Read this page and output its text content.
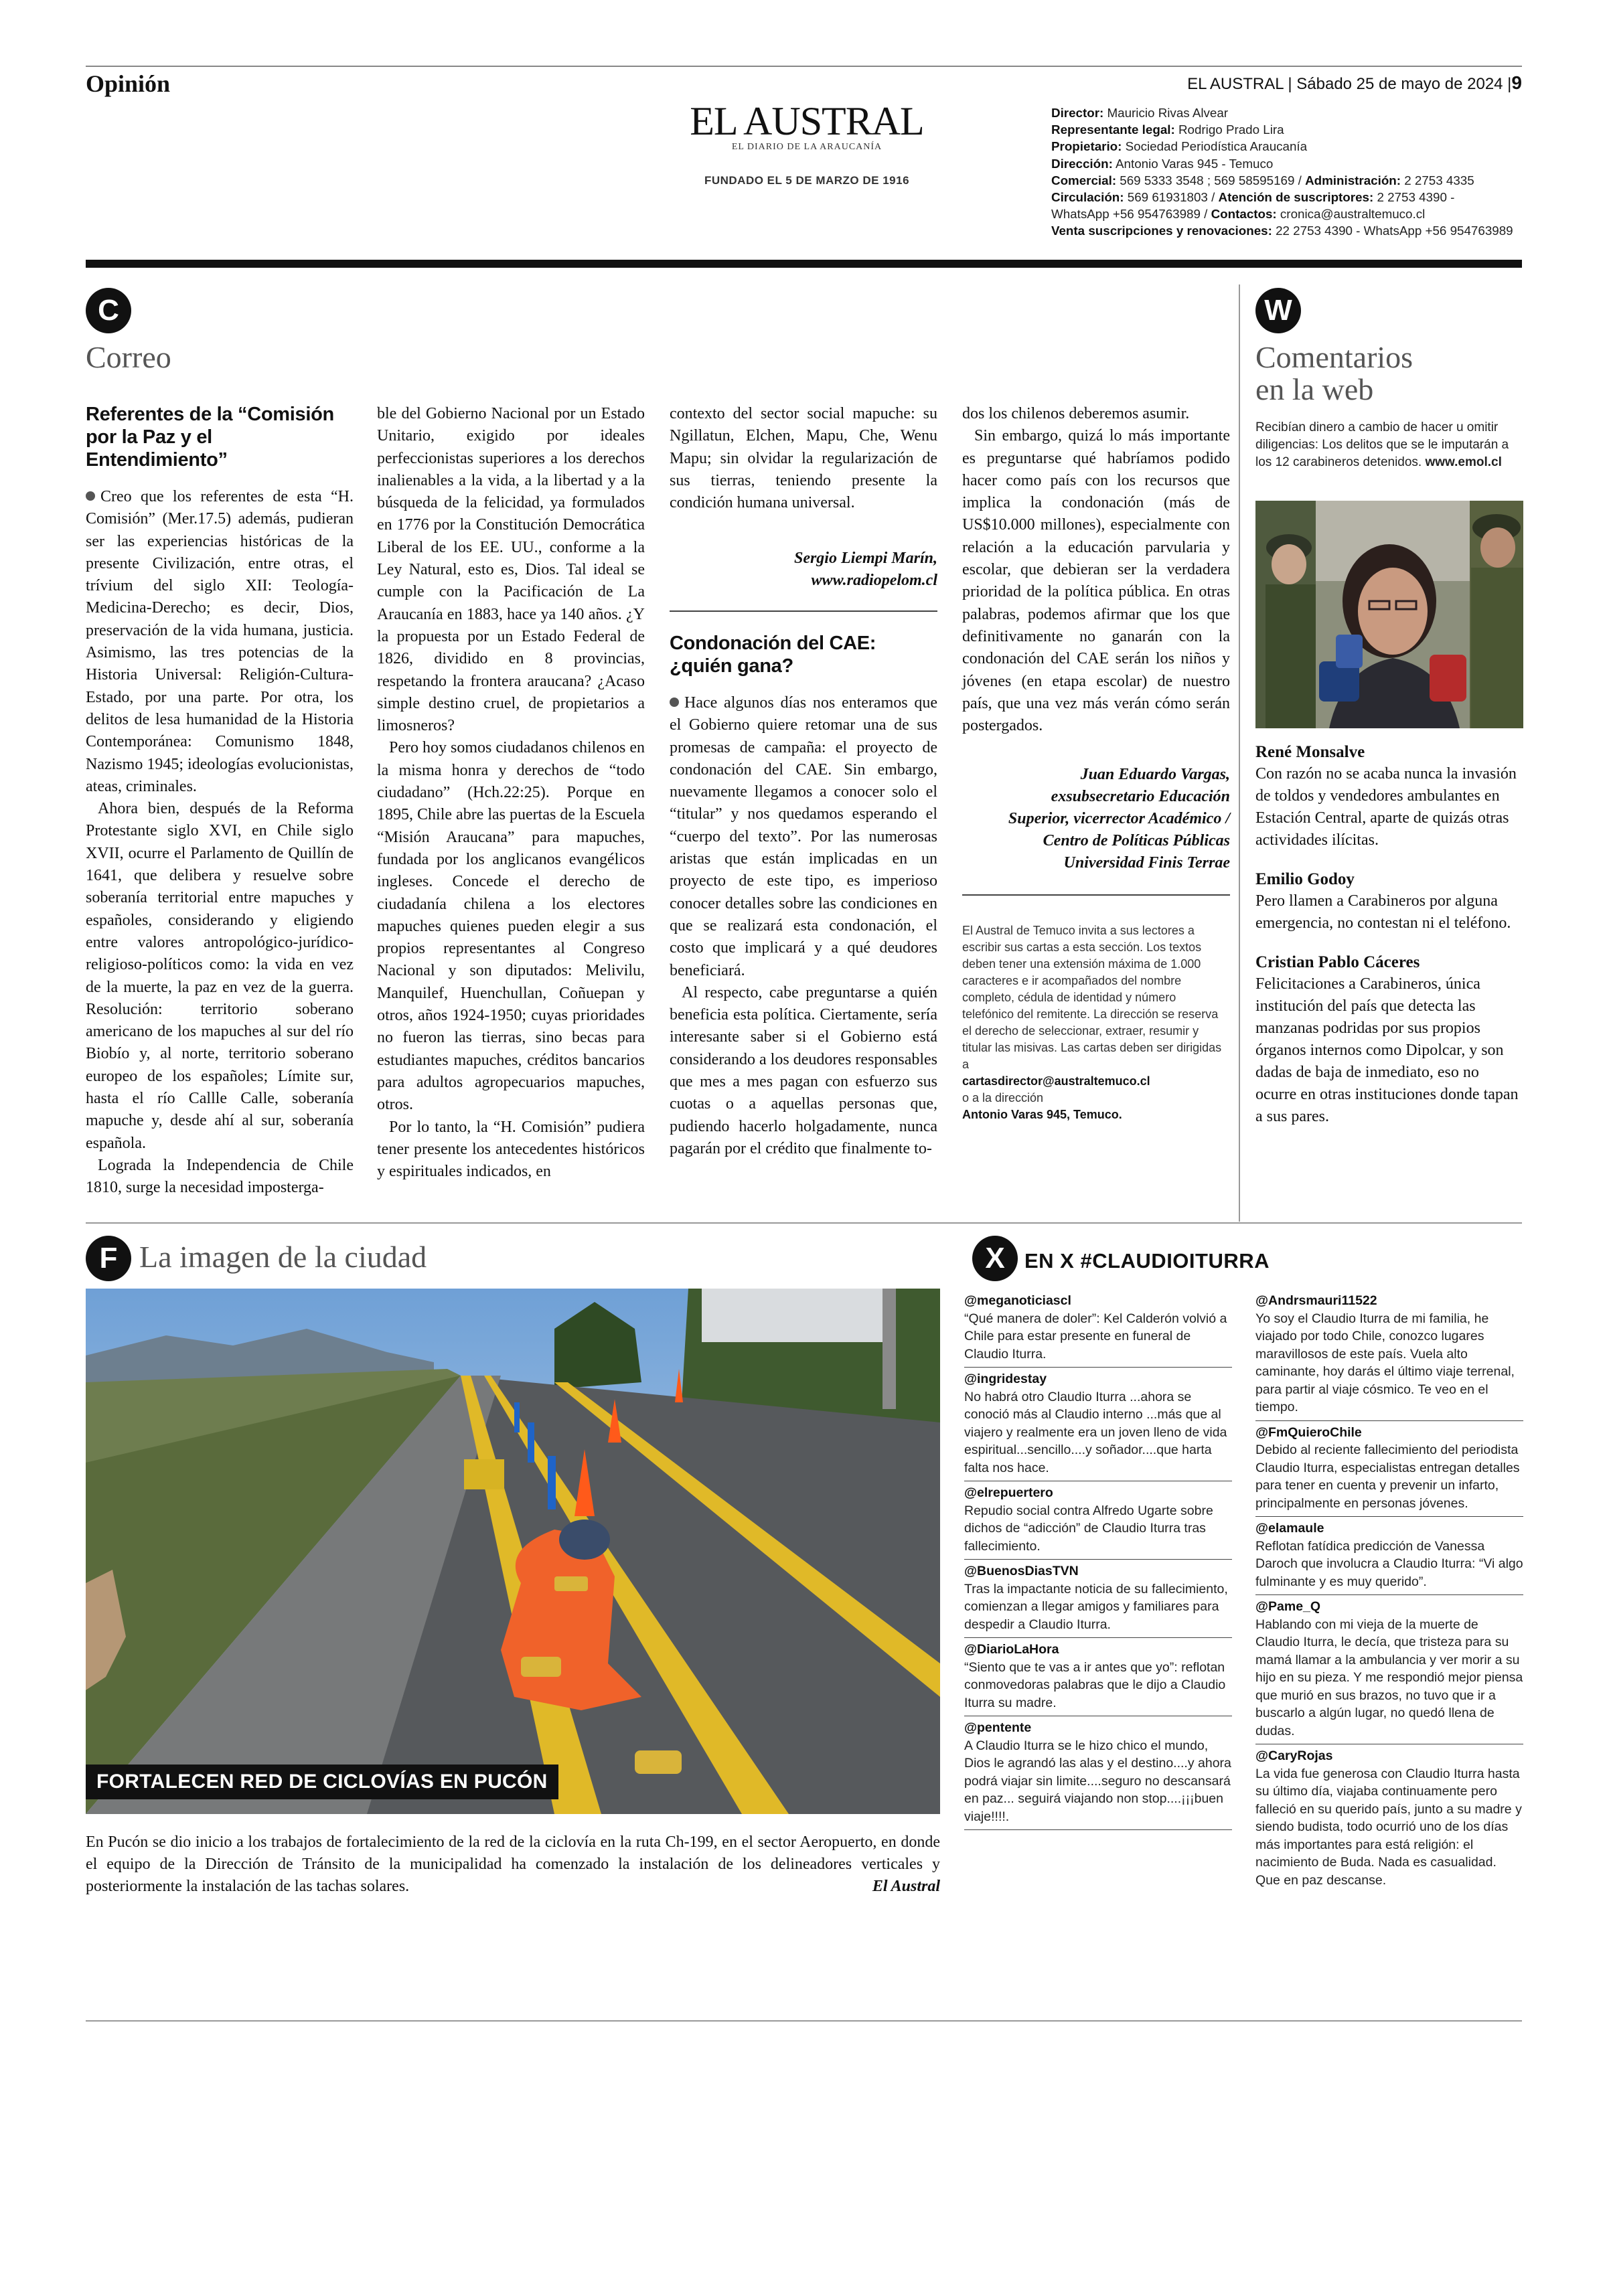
Opinión	EL AUSTRAL | Sábado 25 de mayo de 2024 |9
EL AUSTRAL
EL DIARIO DE LA ARAUCANÍA
FUNDADO EL 5 DE MARZO DE 1916
Director: Mauricio Rivas Alvear
Representante legal: Rodrigo Prado Lira
Propietario: Sociedad Periodística Araucanía
Dirección: Antonio Varas 945 - Temuco
Comercial: 569 5333 3548 ; 569 58595169 / Administración: 2 2753 4335
Circulación: 569 61931803 / Atención de suscriptores: 2 2753 4390 -
WhatsApp +56 954763989 / Contactos: cronica@australtemuco.cl
Venta suscripciones y renovaciones: 22 2753 4390 - WhatsApp +56 954763989
C
Correo
Referentes de la “Comisión por la Paz y el Entendimiento”

Creo que los referentes de esta “H. Comisión” (Mer.17.5) además, pudieran ser las experiencias históricas de la presente Civilización, entre otras, el trívium del siglo XII: Teología-Medicina-Derecho; es decir, Dios, preservación de la vida humana, justicia. Asimismo, las tres potencias de la Historia Universal: Religión-Cultura-Estado, por una parte. Por otra, los delitos de lesa humanidad de la Historia Contemporánea: Comunismo 1848, Nazismo 1945; ideologías evolucionistas, ateas, criminales.

Ahora bien, después de la Reforma Protestante siglo XVI, en Chile siglo XVII, ocurre el Parlamento de Quillín de 1641, que delibera y resuelve sobre soberanía territorial entre mapuches y españoles, considerando y eligiendo entre valores antropológico-jurídico-religioso-políticos como: la vida en vez de la muerte, la paz en vez de la guerra. Resolución: territorio soberano americano de los mapuches al sur del río Biobío y, al norte, territorio soberano europeo de los españoles; Límite sur, hasta el río Callle Calle, soberanía mapuche y, desde ahí al sur, soberanía española.

Lograda la Independencia de Chile 1810, surge la necesidad imposterga-

ble del Gobierno Nacional por un Estado Unitario, exigido por ideales perfeccionistas superiores a los derechos inalienables a la vida, a la libertad y a la búsqueda de la felicidad, ya formulados en 1776 por la Constitución Democrática Liberal de los EE. UU., conforme a la Ley Natural, esto es, Dios. Tal ideal se cumple con la Pacificación de La Araucanía en 1883, hace ya 140 años. ¿Y la propuesta por un Estado Federal de 1826, dividido en 8 provincias, respetando la frontera araucana? ¿Acaso simple destino cruel, de propietarios a limosneros?

Pero hoy somos ciudadanos chilenos en la misma honra y derechos de “todo ciudadano” (Hch.22:25). Porque en 1895, Chile abre las puertas de la Escuela “Misión Araucana” para mapuches, fundada por los anglicanos evangélicos ingleses. Concede el derecho de ciudadanía chilena a los electores mapuches quienes pueden elegir a sus propios representantes al Congreso Nacional y son diputados: Melivilu, Manquilef, Huenchullan, Coñuepan y otros, años 1924-1950; cuyas prioridades no fueron las tierras, sino becas para estudiantes mapuches, créditos bancarios para adultos agropecuarios mapuches, otros.

Por lo tanto, la “H. Comisión” pudiera tener presente los antecedentes históricos y espirituales indicados, en

contexto del sector social mapuche: su Ngillatun, Elchen, Mapu, Che, Wenu Mapu; sin olvidar la regularización de sus tierras, teniendo presente la condición humana universal.

Sergio Liempi Marín,
www.radiopelom.cl
Condonación del CAE: ¿quién gana?

Hace algunos días nos enteramos que el Gobierno quiere retomar una de sus promesas de campaña: el proyecto de condonación del CAE. Sin embargo, nuevamente llegamos a conocer solo el “titular” y nos quedamos esperando el “cuerpo del texto”. Por las numerosas aristas que están implicadas en un proyecto de este tipo, es imperioso conocer detalles sobre las condiciones en que se realizará esta condonación, el costo que implicará y a qué deudores beneficiará.

Al respecto, cabe preguntarse a quién beneficia esta política. Ciertamente, sería interesante saber si el Gobierno está considerando a los deudores responsables que mes a mes pagan con esfuerzo sus cuotas o a aquellas personas que, pudiendo hacerlo holgadamente, nunca pagarán por el crédito que finalmente to-

dos los chilenos deberemos asumir.

Sin embargo, quizá lo más importante es preguntarse qué habríamos podido hacer como país con los recursos que implica la condonación (más de US$10.000 millones), especialmente con relación a la educación parvularia y escolar, que debieran ser la verdadera prioridad de la política pública. En otras palabras, podemos afirmar que los que definitivamente no ganarán con la condonación del CAE serán los niños y jóvenes (en etapa escolar) de nuestro país, que una vez más verán cómo serán postergados.

Juan Eduardo Vargas,
exsubsecretario Educación
Superior, vicerrector Académico /
Centro de Políticas Públicas
Universidad Finis Terrae
El Austral de Temuco invita a sus lectores a escribir sus cartas a esta sección. Los textos deben tener una extensión máxima de 1.000 caracteres e ir acompañados del nombre completo, cédula de identidad y número telefónico del remitente. La dirección se reserva el derecho de seleccionar, extraer, resumir y titular las misivas. Las cartas deben ser dirigidas a
cartasdirector@australtemuco.cl
o a la dirección
Antonio Varas 945, Temuco.
W
Comentarios
en la web
Recibían dinero a cambio de hacer u omitir diligencias: Los delitos que se le imputarán a los 12 carabineros detenidos. www.emol.cl
René Monsalve
Con razón no se acaba nunca la invasión de toldos y vendedores ambulantes en Estación Central, aparte de quizás otras actividades ilícitas.
Emilio Godoy
Pero llamen a Carabineros por alguna emergencia, no contestan ni el teléfono.
Cristian Pablo Cáceres
Felicitaciones a Carabineros, única institución del país que detecta las manzanas podridas por sus propios órganos internos como Dipolcar, y son dadas de baja de inmediato, eso no ocurre en otras instituciones donde tapan a sus pares.
F La imagen de la ciudad
FORTALECEN RED DE CICLOVÍAS EN PUCÓN
En Pucón se dio inicio a los trabajos de fortalecimiento de la red de la ciclovía en la ruta Ch-199, en el sector Aeropuerto, en donde el equipo de la Dirección de Tránsito de la municipalidad ha comenzado la instalación de los delineadores verticales y posteriormente la instalación de las tachas solares.	El Austral
X EN X #CLAUDIOITURRA
@meganoticiascl
“Qué manera de doler”: Kel Calderón volvió a Chile para estar presente en funeral de Claudio Iturra.
@ingridestay
No habrá otro Claudio Iturra ...ahora se conoció más al Claudio interno ...más que al viajero y realmente era un joven lleno de vida espiritual...sencillo....y soñador....que harta falta nos hace.
@elrepuertero
Repudio social contra Alfredo Ugarte sobre dichos de “adicción” de Claudio Iturra tras fallecimiento.
@BuenosDiasTVN
Tras la impactante noticia de su fallecimiento, comienzan a llegar amigos y familiares para despedir a Claudio Iturra.
@DiarioLaHora
“Siento que te vas a ir antes que yo”: reflotan conmovedoras palabras que le dijo a Claudio Iturra su madre.
@pentente
A Claudio Iturra se le hizo chico el mundo, Dios le agrandó las alas y el destino....y ahora podrá viajar sin limite....seguro no descansará en paz... seguirá viajando non stop....¡¡¡buen viaje!!!!.
@Andrsmauri11522
Yo soy el Claudio Iturra de mi familia, he viajado por todo Chile, conozco lugares maravillosos de este país. Vuela alto caminante, hoy darás el último viaje terrenal, para partir al viaje cósmico. Te veo en el tiempo.
@FmQuieroChile
Debido al reciente fallecimiento del periodista Claudio Iturra, especialistas entregan detalles para tener en cuenta y prevenir un infarto, principalmente en personas jóvenes.
@elamaule
Reflotan fatídica predicción de Vanessa Daroch que involucra a Claudio Iturra: “Vi algo fulminante y es muy querido”.
@Pame_Q
Hablando con mi vieja de la muerte de Claudio Iturra, le decía, que tristeza para su mamá llamar a la ambulancia y ver morir a su hijo en su pieza. Y me respondió mejor piensa que murió en sus brazos, no tuvo que ir a buscarlo a algún lugar, no quedó llena de dudas.
@CaryRojas
La vida fue generosa con Claudio Iturra hasta su último día, viajaba continuamente pero falleció en su querido país, junto a su madre y siendo budista, todo ocurrió uno de los días más importantes para está religión: el nacimiento de Buda. Nada es casualidad. Que en paz descanse.
